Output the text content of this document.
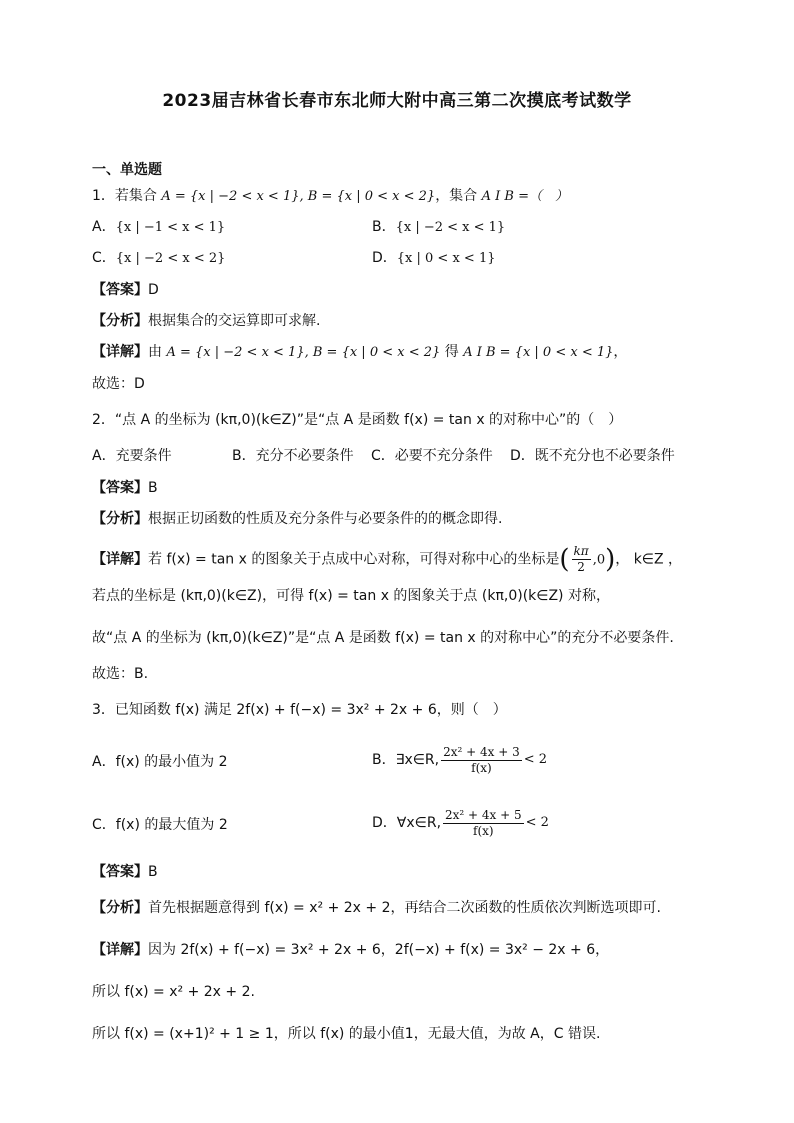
2023届吉林省长春市东北师大附中高三第二次摸底考试数学
一、单选题
1．若集合 A = {x | −2 < x < 1}, B = {x | 0 < x < 2}，集合 A I B =（　）
A．{x | −1 < x < 1}	B．{x | −2 < x < 1}
C．{x | −2 < x < 2}	D．{x | 0 < x < 1}
【答案】D
【分析】根据集合的交运算即可求解.
【详解】由 A = {x | −2 < x < 1}, B = {x | 0 < x < 2} 得 A I B = {x | 0 < x < 1}，
故选：D
2．“点 A 的坐标为 (kπ,0)(k∈Z)”是“点 A 是函数 f(x) = tan x 的对称中心”的（　）
A．充要条件	B．充分不必要条件 C．必要不充分条件 D．既不充分也不必要条件
【答案】B
【分析】根据正切函数的性质及充分条件与必要条件的的概念即得.
【详解】若 f(x) = tan x 的图象关于点成中心对称，可得对称中心的坐标是( $\frac{k\pi}{2} ,0$)， k∈Z ，
若点的坐标是 (kπ,0)(k∈Z)，可得 f(x) = tan x 的图象关于点 (kπ,0)(k∈Z) 对称，
故“点 A 的坐标为 (kπ,0)(k∈Z)”是“点 A 是函数 f(x) = tan x 的对称中心”的充分不必要条件.
故选：B.
3．已知函数 f(x) 满足 2f(x) + f(−x) = 3x² + 2x + 6，则（　）
A．f(x) 的最小值为 2	B．∃x∈R, $\frac{\text{2x² + 4x + 3}}{f(x)} < 2$
C．f(x) 的最大值为 2	D．∀x∈R, $\frac{\text{2x² + 4x + 5}}{f(x)} < 2$
【答案】B
【分析】首先根据题意得到 f(x) = x² + 2x + 2，再结合二次函数的性质依次判断选项即可.
【详解】因为 2f(x) + f(−x) = 3x² + 2x + 6，2f(−x) + f(x) = 3x² − 2x + 6，
所以 f(x) = x² + 2x + 2.
所以 f(x) = (x+1)² + 1 ≥ 1，所以 f(x) 的最小值1，无最大值，为故 A，C 错误.
